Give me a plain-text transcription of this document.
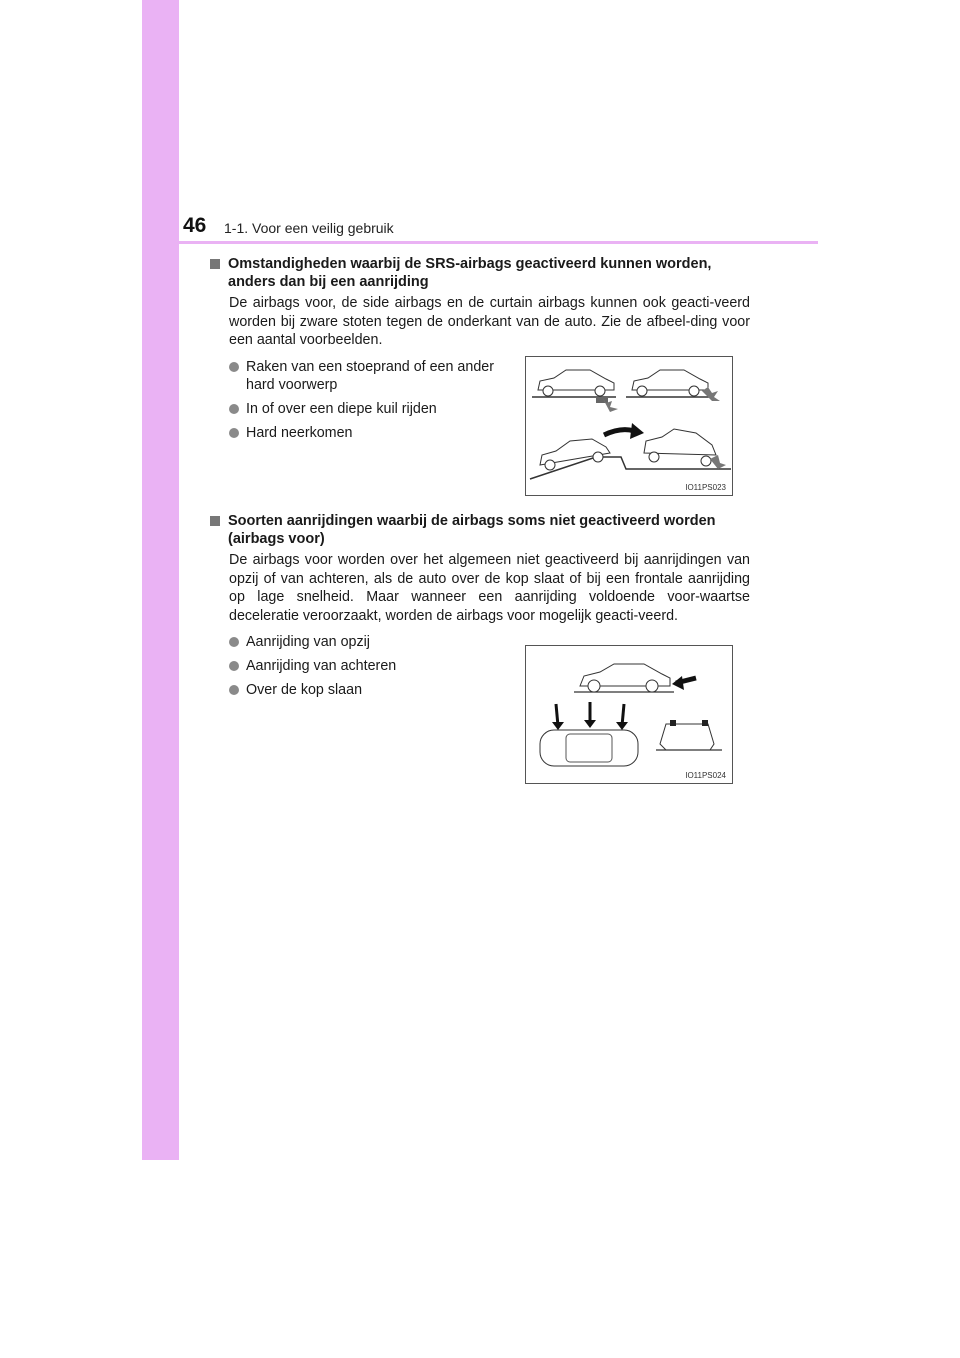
46 1-1. Voor een veilig gebruik
Omstandigheden waarbij de SRS-airbags geactiveerd kunnen worden, anders dan bij een aanrijding
De airbags voor, de side airbags en de curtain airbags kunnen ook geacti-veerd worden bij zware stoten tegen de onderkant van de auto. Zie de afbeel-ding voor een aantal voorbeelden.
Raken van een stoeprand of een ander hard voorwerp
In of over een diepe kuil rijden
Hard neerkomen
IO11PS023
Soorten aanrijdingen waarbij de airbags soms niet geactiveerd worden (airbags voor)
De airbags voor worden over het algemeen niet geactiveerd bij aanrijdingen van opzij of van achteren, als de auto over de kop slaat of bij een frontale aanrijding op lage snelheid. Maar wanneer een aanrijding voldoende voor-waartse deceleratie veroorzaakt, worden de airbags voor mogelijk geacti-veerd.
Aanrijding van opzij
Aanrijding van achteren
Over de kop slaan
IO11PS024
